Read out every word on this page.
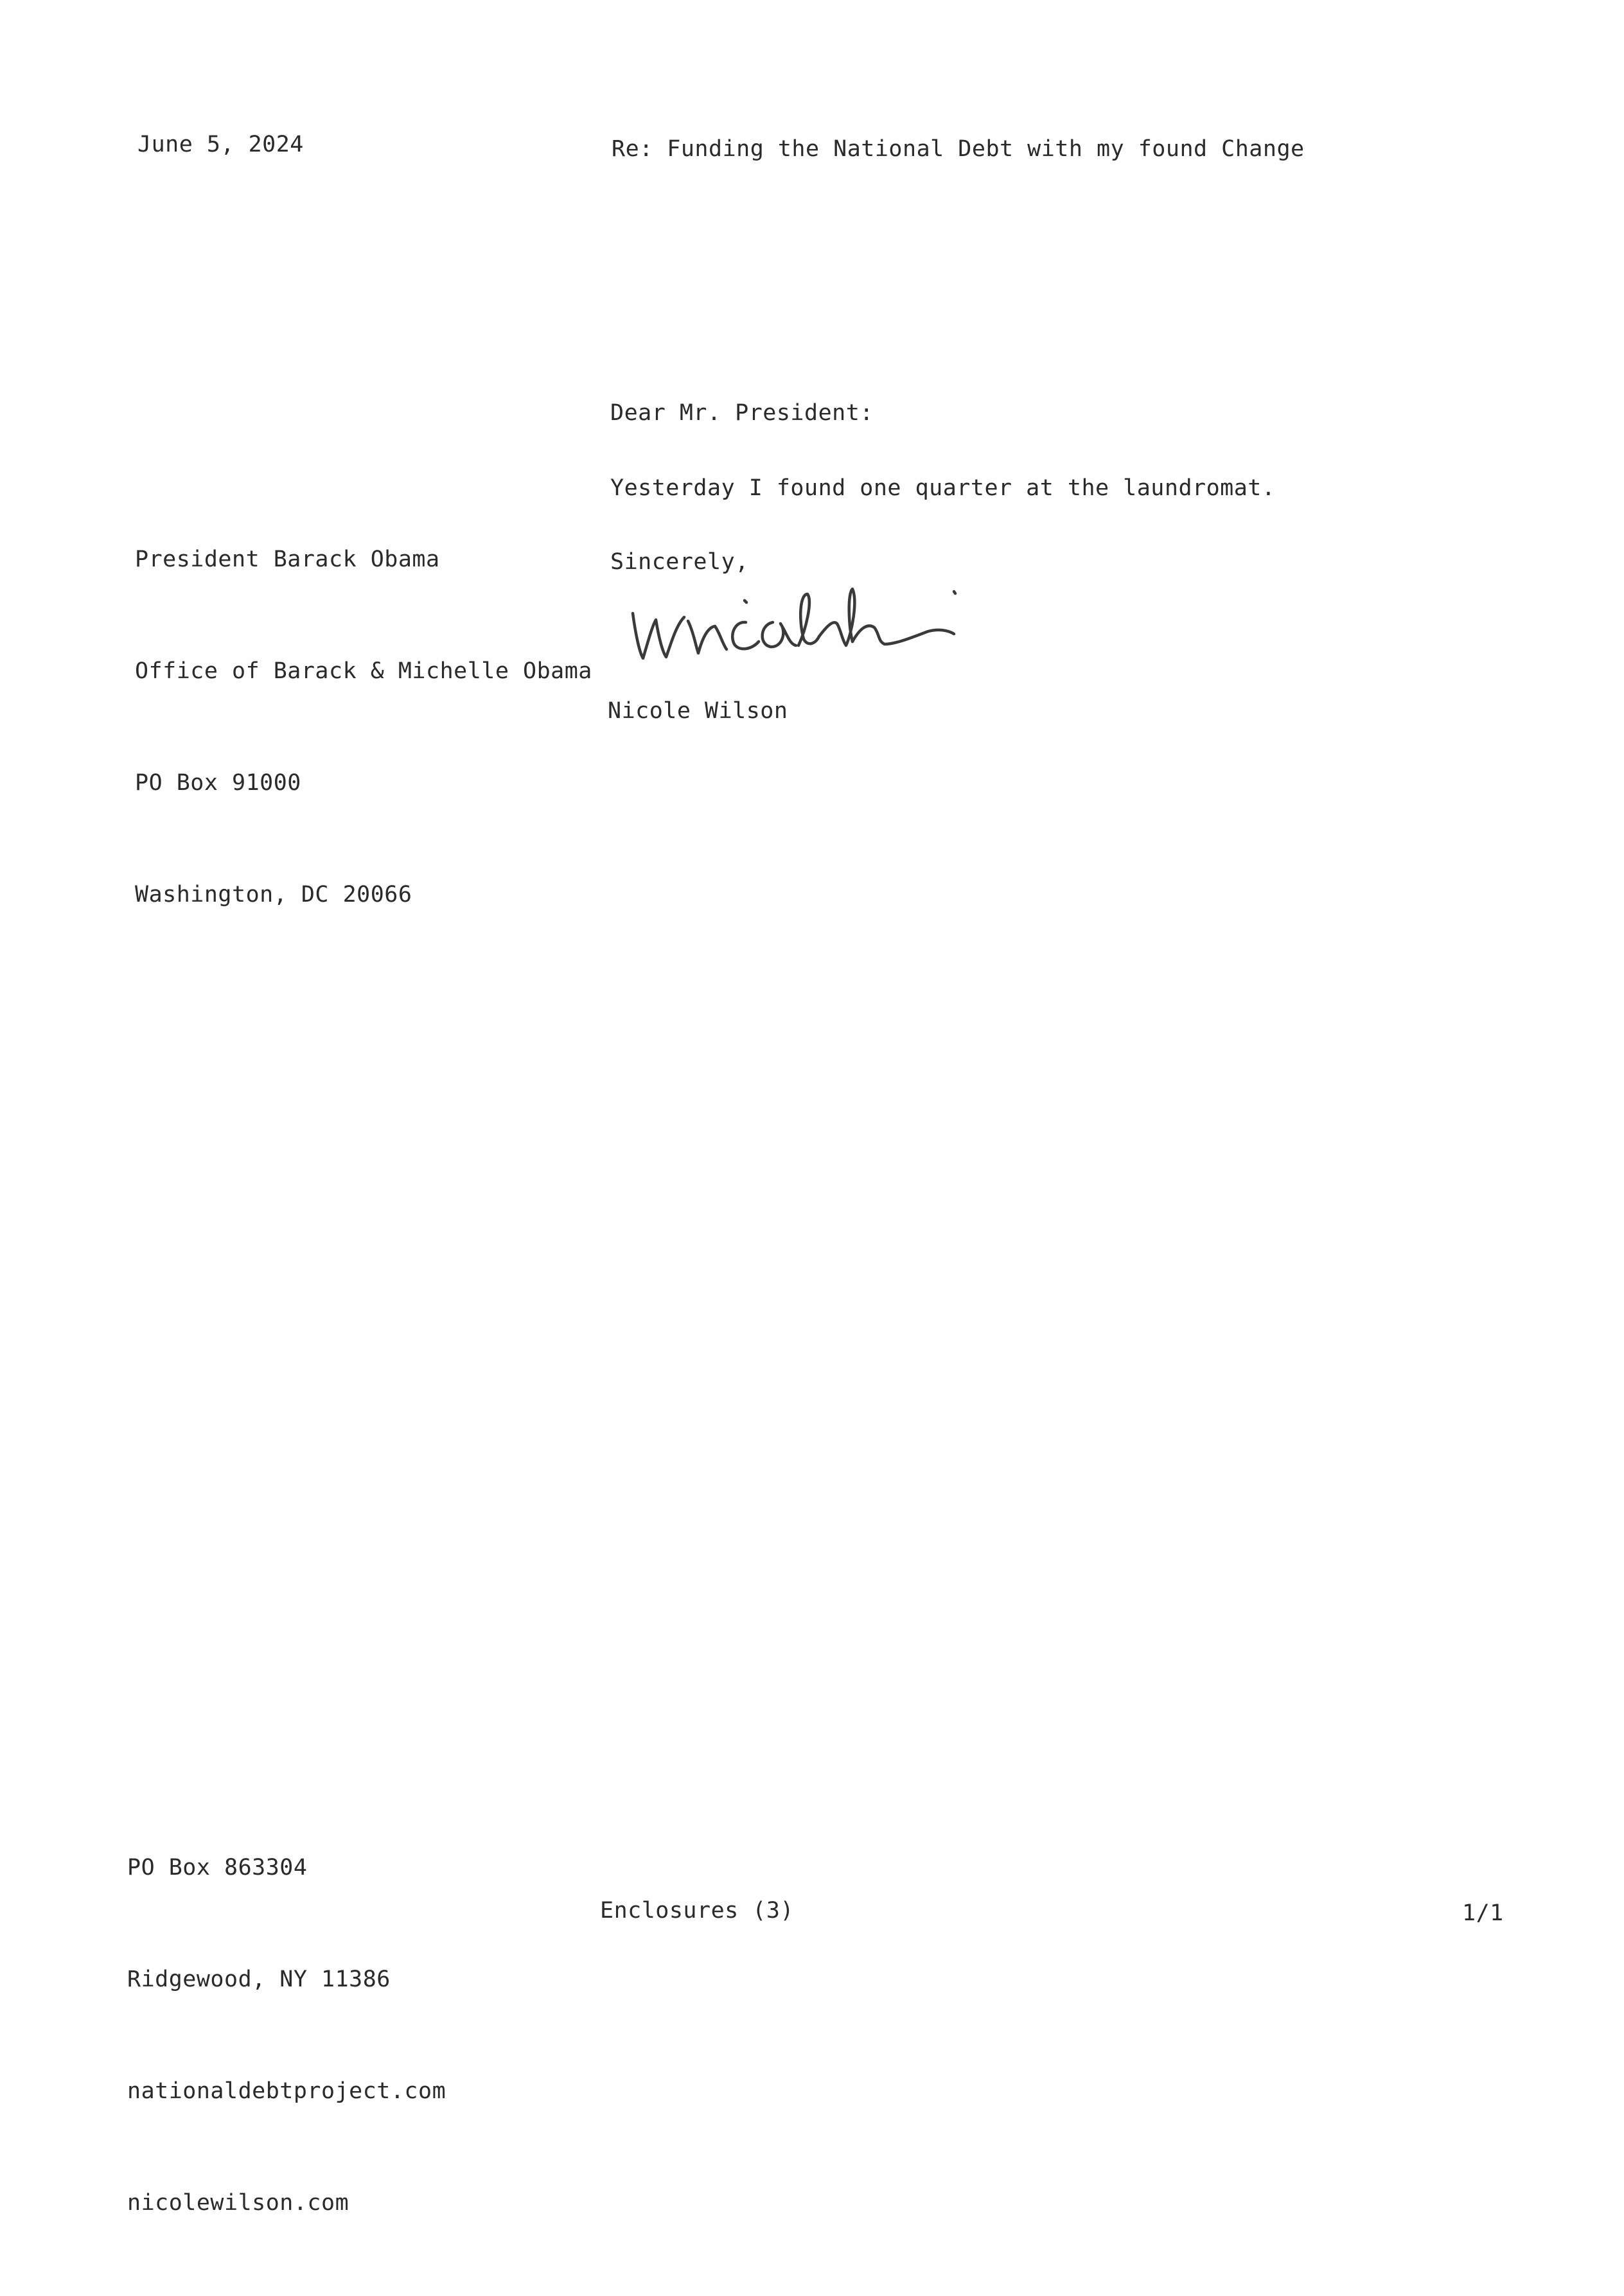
June 5, 2024	Re: Funding the National Debt with my found Change
Dear Mr. President:

President Barack Obama

Office of Barack & Michelle Obama

PO Box 91000

Washington, DC 20066

Yesterday I found one quarter at the laundromat.
Sincerely,
Nicole Wilson

PO Box 863304

Ridgewood, NY 11386

nationaldebtproject.com

nicolewilson.com

Enclosures (3)	1/1
